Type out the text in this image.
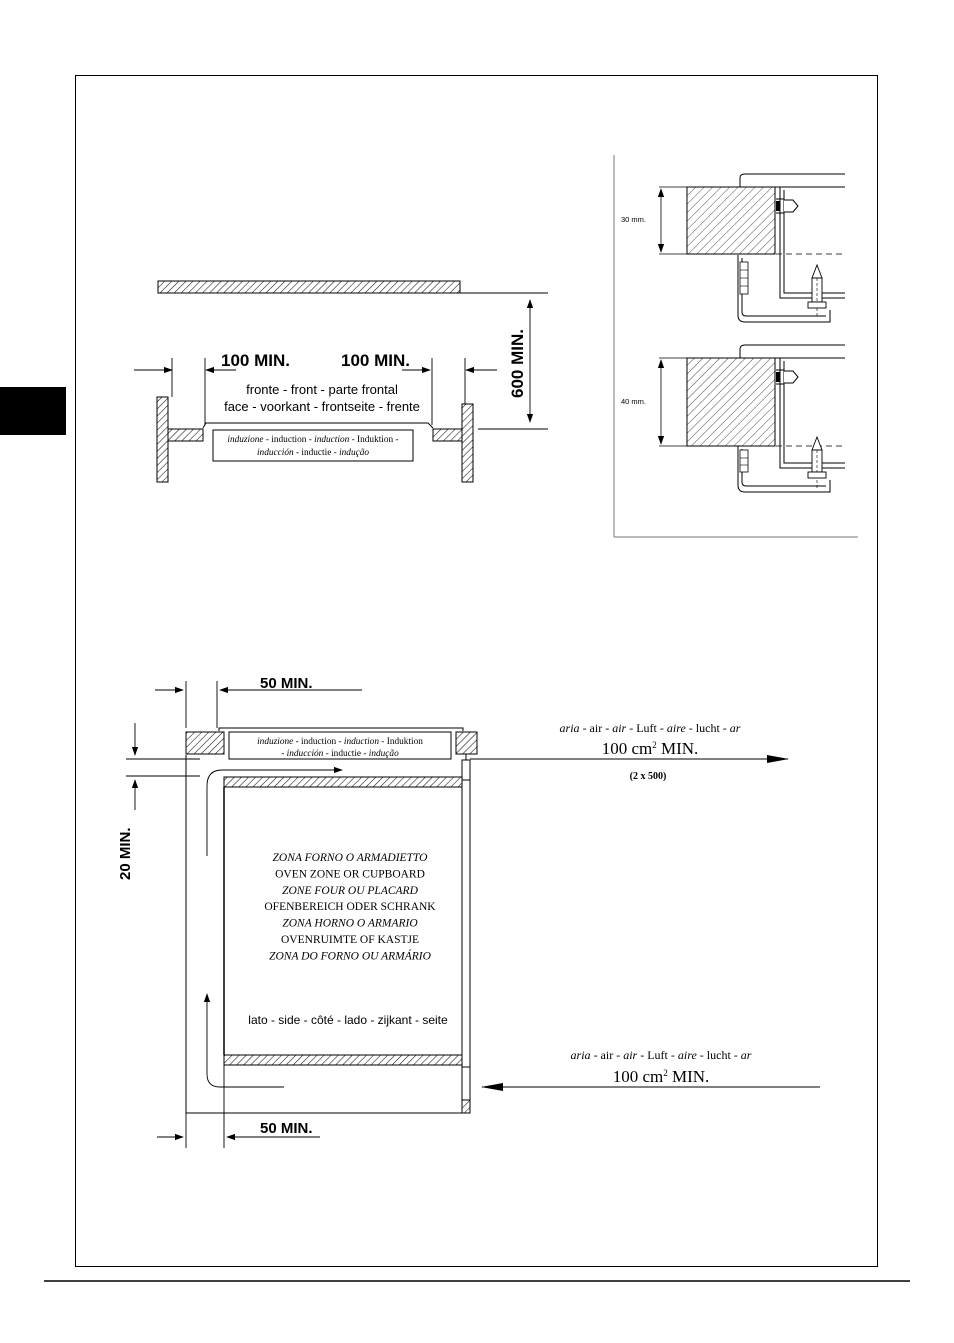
100 MIN.	100 MIN.	600 MIN.
fronte - front - parte frontal
face - voorkant - frontseite - frente
induzione - induction - induction - Induktion -
inducción - inductie - indução
30 mm.
40 mm.
50 MIN.
20 MIN.
induzione - induction - induction - Induktion
- inducción - inductie - indução
ZONA FORNO O ARMADIETTO
OVEN ZONE OR CUPBOARD
ZONE FOUR OU PLACARD
OFENBEREICH ODER SCHRANK
ZONA HORNO O ARMARIO
OVENRUIMTE OF KASTJE
ZONA DO FORNO OU ARMÁRIO
lato - side - côté - lado - zijkant - seite
50 MIN.
aria - air - air - Luft - aire - lucht - ar
100 $cm^2$ MIN.
(2 x 500)
aria - air - air - Luft - aire - lucht - ar
100 $cm^2$ MIN.
